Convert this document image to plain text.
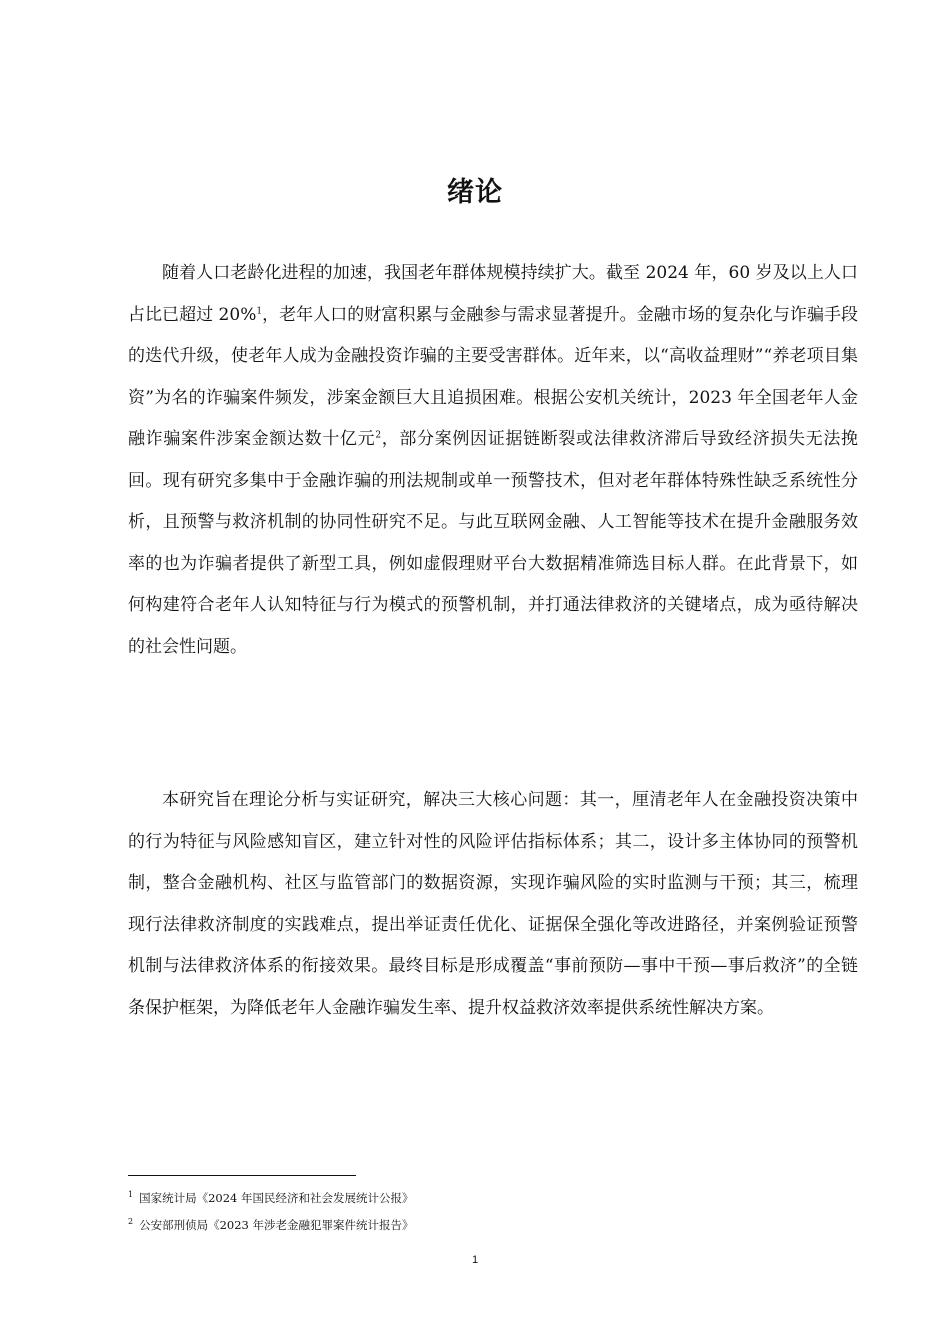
绪论

随着人口老龄化进程的加速，我国老年群体规模持续扩大。截至 2024 年，60 岁及以上人口占比已超过 20%$^1$，老年人口的财富积累与金融参与需求显著提升。金融市场的复杂化与诈骗手段的迭代升级，使老年人成为金融投资诈骗的主要受害群体。近年来，以“高收益理财”“养老项目集资”为名的诈骗案件频发，涉案金额巨大且追损困难。根据公安机关统计，2023 年全国老年人金融诈骗案件涉案金额达数十亿元$^2$，部分案例因证据链断裂或法律救济滞后导致经济损失无法挽回。现有研究多集中于金融诈骗的刑法规制或单一预警技术，但对老年群体特殊性缺乏系统性分析，且预警与救济机制的协同性研究不足。与此互联网金融、人工智能等技术在提升金融服务效率的也为诈骗者提供了新型工具，例如虚假理财平台大数据精准筛选目标人群。在此背景下，如何构建符合老年人认知特征与行为模式的预警机制，并打通法律救济的关键堵点，成为亟待解决的社会性问题。

本研究旨在理论分析与实证研究，解决三大核心问题：其一，厘清老年人在金融投资决策中的行为特征与风险感知盲区，建立针对性的风险评估指标体系；其二，设计多主体协同的预警机制，整合金融机构、社区与监管部门的数据资源，实现诈骗风险的实时监测与干预；其三，梳理现行法律救济制度的实践难点，提出举证责任优化、证据保全强化等改进路径，并案例验证预警机制与法律救济体系的衔接效果。最终目标是形成覆盖“事前预防—事中干预—事后救济”的全链条保护框架，为降低老年人金融诈骗发生率、提升权益救济效率提供系统性解决方案。

$^1$ 国家统计局《2024 年国民经济和社会发展统计公报》

$^2$ 公安部刑侦局《2023 年涉老金融犯罪案件统计报告》

1
